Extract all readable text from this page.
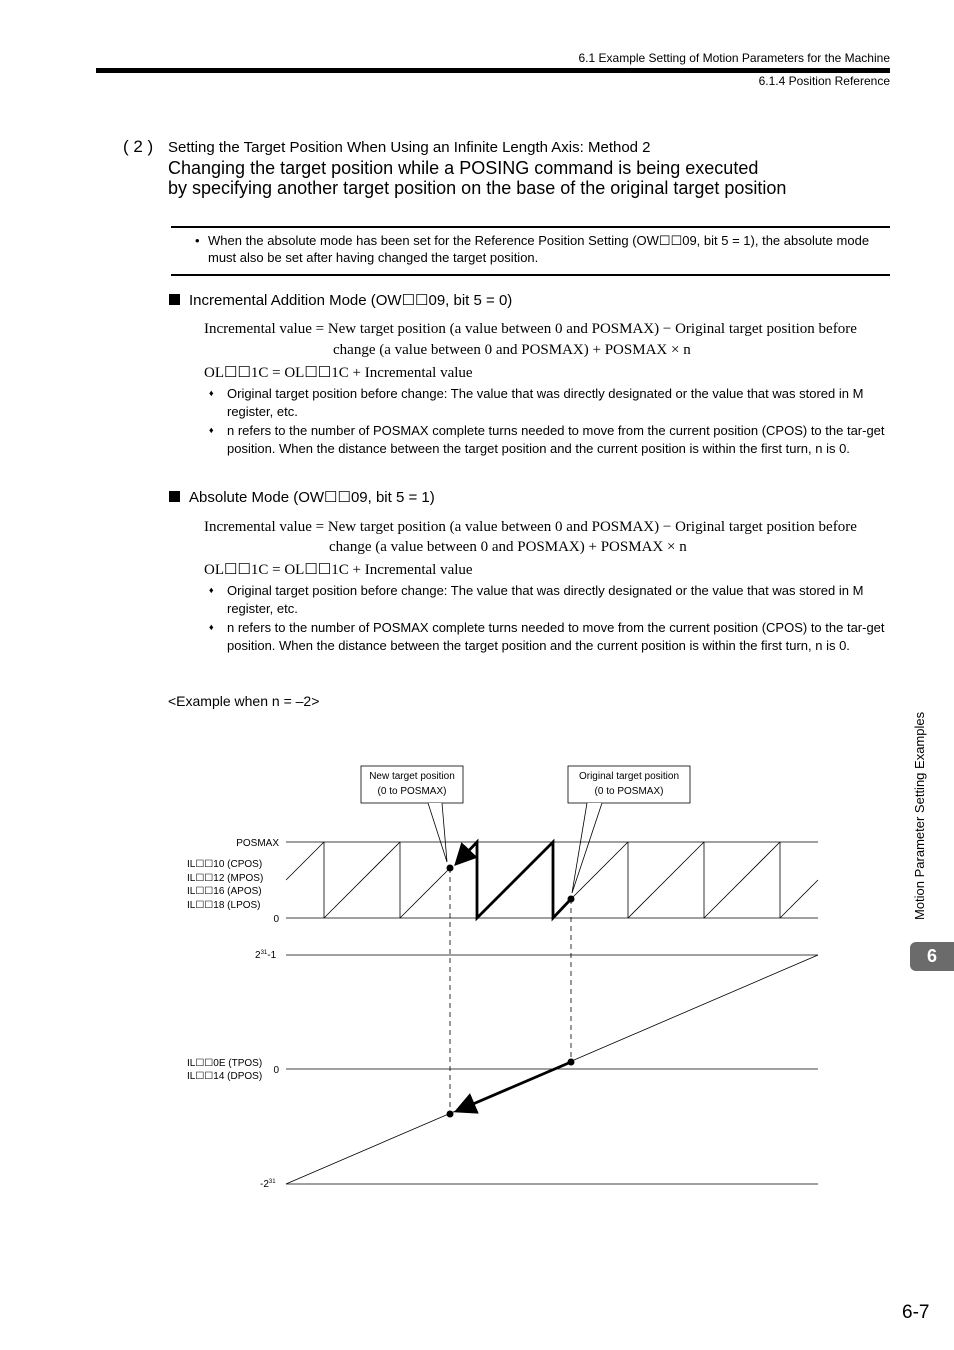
6.1 Example Setting of Motion Parameters for the Machine
6.1.4 Position Reference
( 2 ) Setting the Target Position When Using an Infinite Length Axis: Method 2
Changing the target position while a POSING command is being executed
by specifying another target position on the base of the original target position
• When the absolute mode has been set for the Reference Position Setting (OW☐☐09, bit 5 = 1), the absolute mode must also be set after having changed the target position.
Incremental Addition Mode (OW☐☐09, bit 5 = 0)
Incremental value = New target position (a value between 0 and POSMAX) − Original target position before
change (a value between 0 and POSMAX) + POSMAX × n
OL☐☐1C = OL☐☐1C + Incremental value
♦ Original target position before change: The value that was directly designated or the value that was stored in M register, etc.
♦ n refers to the number of POSMAX complete turns needed to move from the current position (CPOS) to the tar-get position. When the distance between the target position and the current position is within the first turn, n is 0.
Absolute Mode (OW☐☐09, bit 5 = 1)
Incremental value = New target position (a value between 0 and POSMAX) − Original target position before
change (a value between 0 and POSMAX) + POSMAX × n
OL☐☐1C = OL☐☐1C + Incremental value
♦ Original target position before change: The value that was directly designated or the value that was stored in M register, etc.
♦ n refers to the number of POSMAX complete turns needed to move from the current position (CPOS) to the tar-get position. When the distance between the target position and the current position is within the first turn, n is 0.
<Example when n = –2>
New target position
(0 to POSMAX)
Original target position
(0 to POSMAX)
POSMAX
IL☐☐10 (CPOS)
IL☐☐12 (MPOS)
IL☐☐16 (APOS)
IL☐☐18 (LPOS)
0
$2^{31}-1$
IL☐☐0E (TPOS)
IL☐☐14 (DPOS)
0
$-2^{31}$
Motion Parameter Setting Examples
6
6-7
